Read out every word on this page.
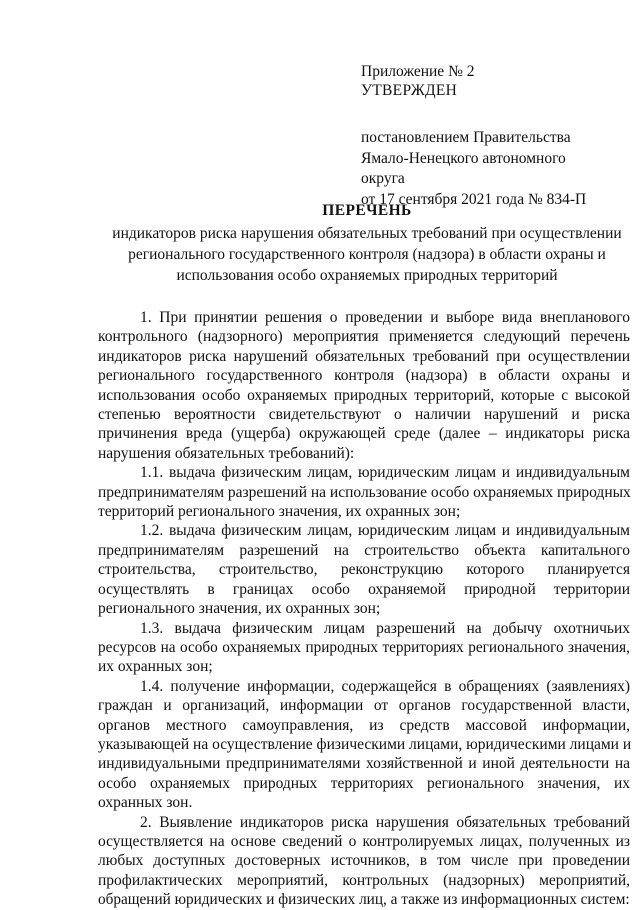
Приложение № 2
УТВЕРЖДЕН
постановлением Правительства
Ямало-Ненецкого автономного округа
от 17 сентября 2021 года № 834-П
ПЕРЕЧЕНЬ
индикаторов риска нарушения обязательных требований при осуществлении
регионального государственного контроля (надзора) в области охраны и
использования особо охраняемых природных территорий
1. При принятии решения о проведении и выборе вида внепланового
контрольного (надзорного) мероприятия применяется следующий перечень
индикаторов риска нарушений обязательных требований при осуществлении
регионального государственного контроля (надзора) в области охраны и
использования особо охраняемых природных территорий, которые с высокой
степенью вероятности свидетельствуют о наличии нарушений и риска
причинения вреда (ущерба) окружающей среде (далее – индикаторы риска
нарушения обязательных требований):
1.1. выдача физическим лицам, юридическим лицам и индивидуальным
предпринимателям разрешений на использование особо охраняемых природных
территорий регионального значения, их охранных зон;
1.2. выдача физическим лицам, юридическим лицам и индивидуальным
предпринимателям разрешений на строительство объекта капитального
строительства, строительство, реконструкцию которого планируется
осуществлять в границах особо охраняемой природной территории
регионального значения, их охранных зон;
1.3. выдача физическим лицам разрешений на добычу охотничьих
ресурсов на особо охраняемых природных территориях регионального значения,
их охранных зон;
1.4. получение информации, содержащейся в обращениях (заявлениях)
граждан и организаций, информации от органов государственной власти,
органов местного самоуправления, из средств массовой информации,
указывающей на осуществление физическими лицами, юридическими лицами и
индивидуальными предпринимателями хозяйственной и иной деятельности на
особо охраняемых природных территориях регионального значения, их
охранных зон.
2. Выявление индикаторов риска нарушения обязательных требований
осуществляется на основе сведений о контролируемых лицах, полученных из
любых доступных достоверных источников, в том числе при проведении
профилактических мероприятий, контрольных (надзорных) мероприятий,
обращений юридических и физических лиц, а также из информационных систем:
